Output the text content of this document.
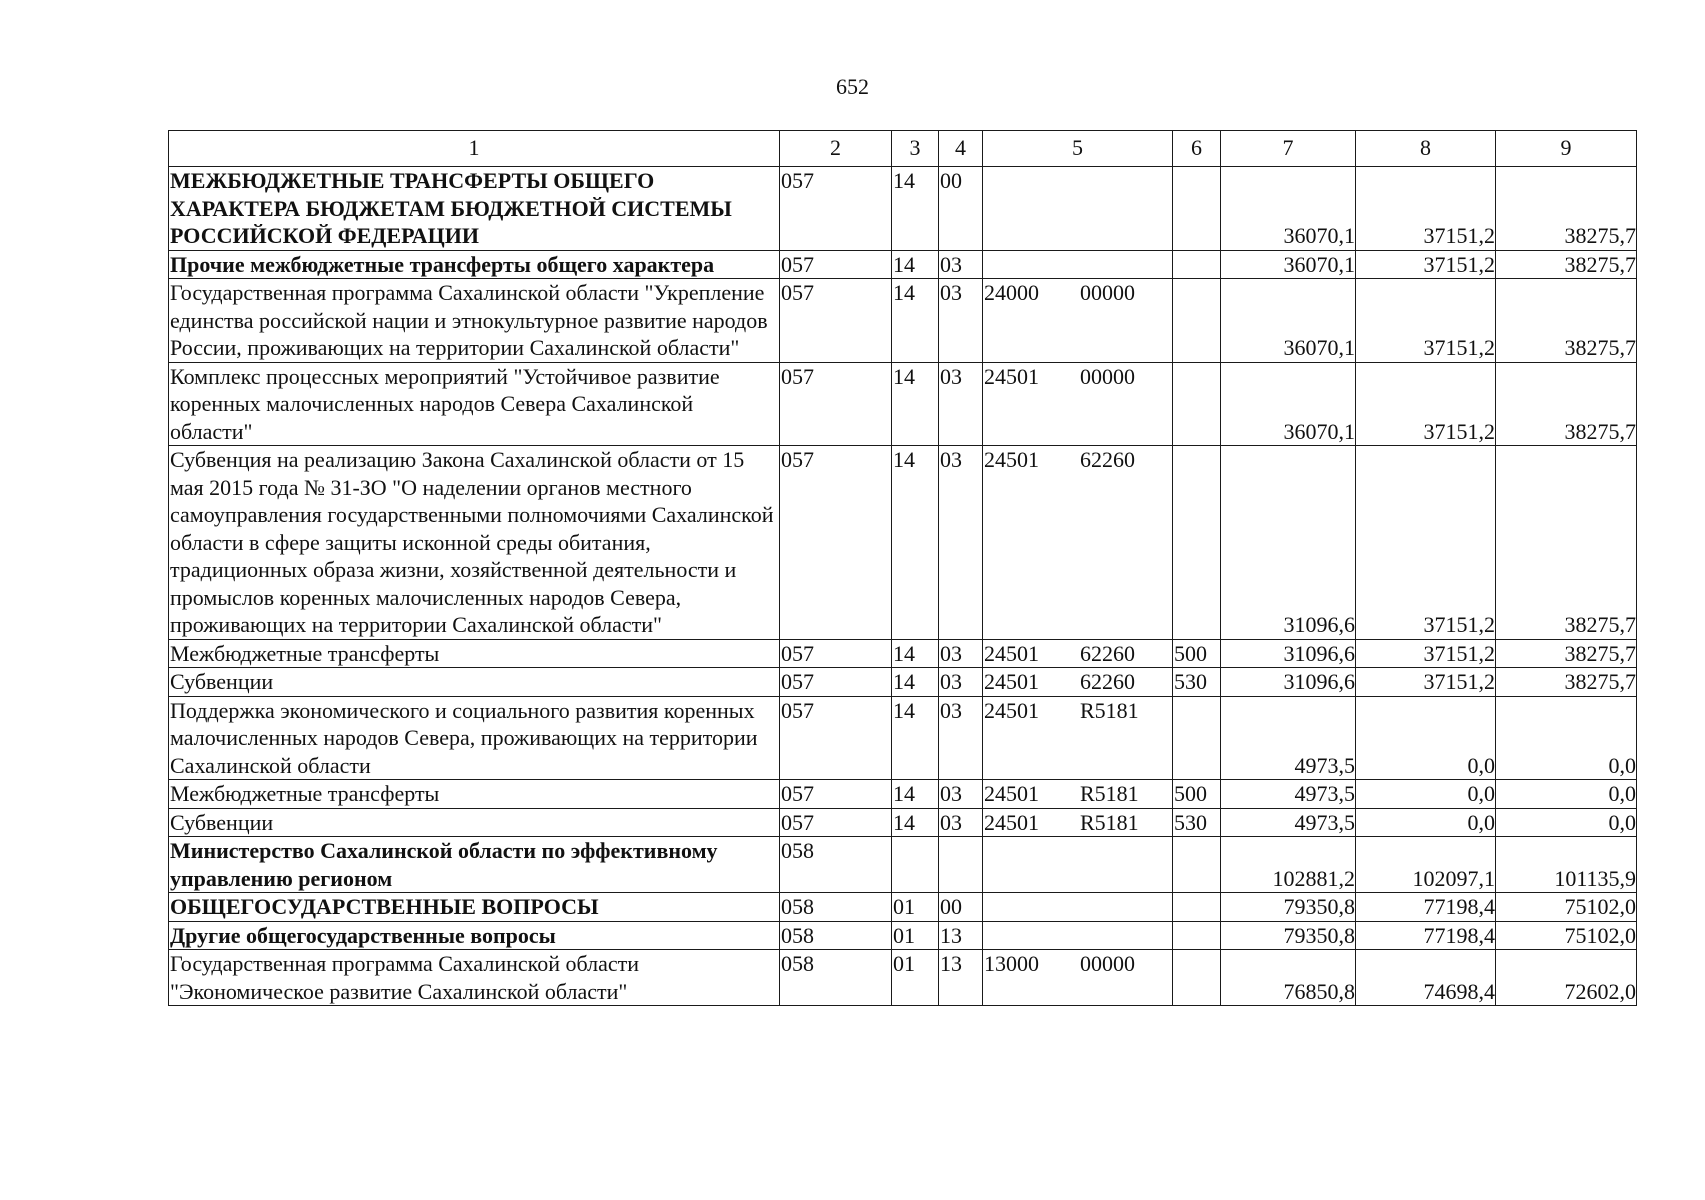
652
1	2	3	4	5	6	7	8	9
МЕЖБЮДЖЕТНЫЕ ТРАНСФЕРТЫ ОБЩЕГО ХАРАКТЕРА БЮДЖЕТАМ БЮДЖЕТНОЙ СИСТЕМЫ РОССИЙСКОЙ ФЕДЕРАЦИИ	057	14	00			36070,1	37151,2	38275,7
Прочие межбюджетные трансферты общего характера	057	14	03			36070,1	37151,2	38275,7
Государственная программа Сахалинской области "Укрепление единства российской нации и этнокультурное развитие народов России, проживающих на территории Сахалинской области"	057	14	03	24000 00000		36070,1	37151,2	38275,7
Комплекс процессных мероприятий "Устойчивое развитие коренных малочисленных народов Севера Сахалинской области"	057	14	03	24501 00000		36070,1	37151,2	38275,7
Субвенция на реализацию Закона Сахалинской области от 15 мая 2015 года № 31-ЗО "О наделении органов местного самоуправления государственными полномочиями Сахалинской области в сфере защиты исконной среды обитания, традиционных образа жизни, хозяйственной деятельности и промыслов коренных малочисленных народов Севера, проживающих на территории Сахалинской области"	057	14	03	24501 62260		31096,6	37151,2	38275,7
Межбюджетные трансферты	057	14	03	24501 62260	500	31096,6	37151,2	38275,7
Субвенции	057	14	03	24501 62260	530	31096,6	37151,2	38275,7
Поддержка экономического и социального развития коренных малочисленных народов Севера, проживающих на территории Сахалинской области	057	14	03	24501 R5181		4973,5	0,0	0,0
Межбюджетные трансферты	057	14	03	24501 R5181	500	4973,5	0,0	0,0
Субвенции	057	14	03	24501 R5181	530	4973,5	0,0	0,0
Министерство Сахалинской области по эффективному управлению регионом	058					102881,2	102097,1	101135,9
ОБЩЕГОСУДАРСТВЕННЫЕ ВОПРОСЫ	058	01	00			79350,8	77198,4	75102,0
Другие общегосударственные вопросы	058	01	13			79350,8	77198,4	75102,0
Государственная программа Сахалинской области "Экономическое развитие Сахалинской области"	058	01	13	13000 00000		76850,8	74698,4	72602,0
